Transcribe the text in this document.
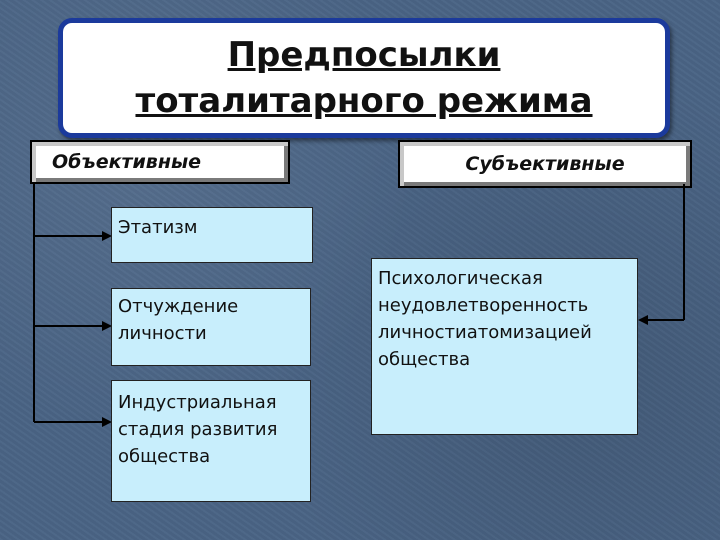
Предпосылки
тоталитарного режима
Объективные	Субъективные
Этатизм
Отчуждение
личности
Индустриальная
стадия развития
общества
Психологическая
неудовлетворенность
личностиатомизацией
общества
